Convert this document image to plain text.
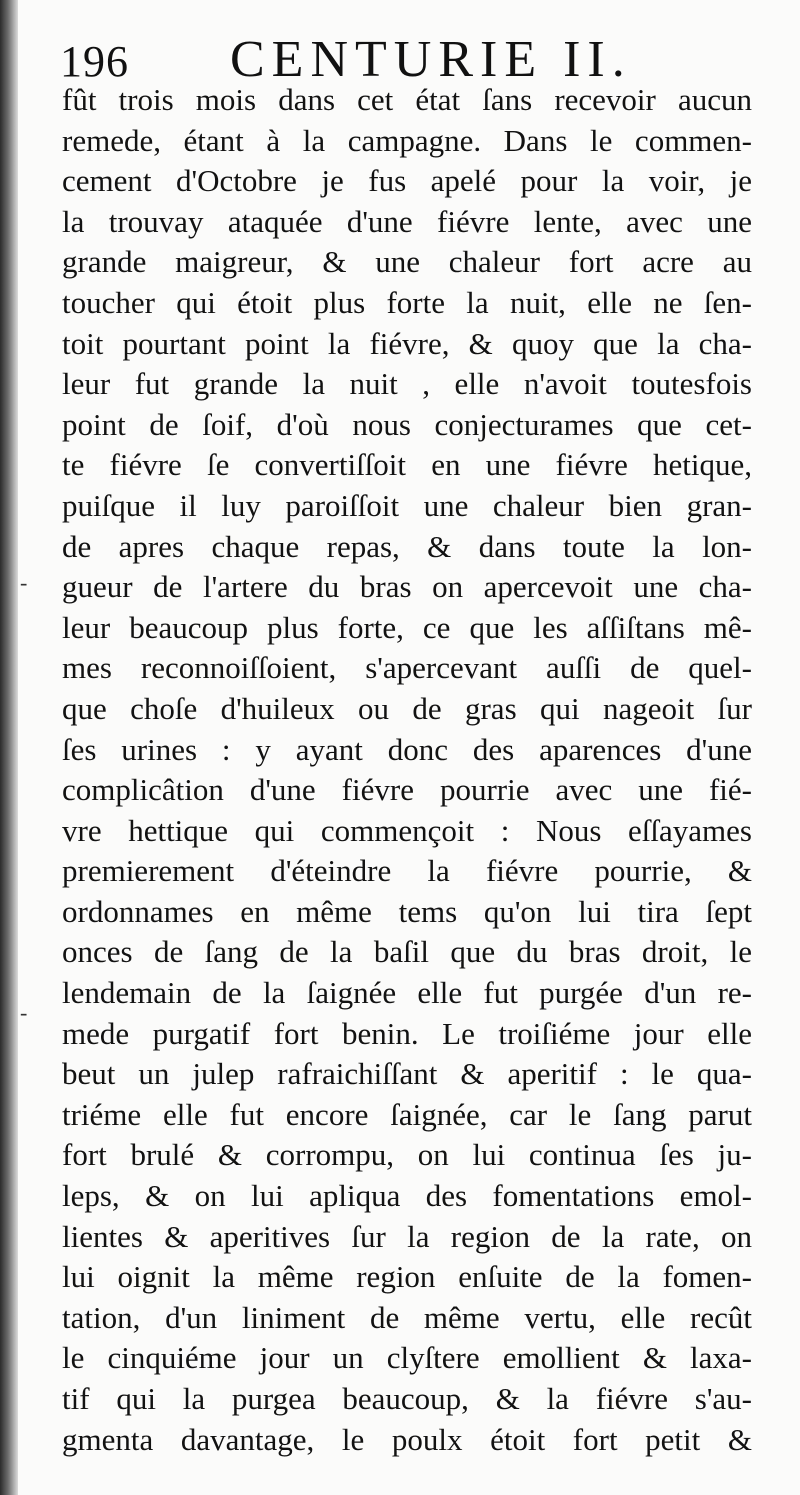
196 CENTURIE II.
-
-
fût trois mois dans cet état ſans recevoir aucun
remede, étant à la campagne. Dans le commen-
cement d'Octobre je fus apelé pour la voir, je
la trouvay ataquée d'une fiévre lente, avec une
grande maigreur, & une chaleur fort acre au
toucher qui étoit plus forte la nuit, elle ne ſen-
toit pourtant point la fiévre, & quoy que la cha-
leur fut grande la nuit , elle n'avoit toutesfois
point de ſoif, d'où nous conjecturames que cet-
te fiévre ſe convertiſſoit en une fiévre hetique,
puiſque il luy paroiſſoit une chaleur bien gran-
de apres chaque repas, & dans toute la lon-
gueur de l'artere du bras on apercevoit une cha-
leur beaucoup plus forte, ce que les aſſiſtans mê-
mes reconnoiſſoient, s'apercevant auſſi de quel-
que choſe d'huileux ou de gras qui nageoit ſur
ſes urines : y ayant donc des aparences d'une
complicâtion d'une fiévre pourrie avec une fié-
vre hettique qui commençoit : Nous eſſayames
premierement d'éteindre la fiévre pourrie, &
ordonnames en même tems qu'on lui tira ſept
onces de ſang de la baſil que du bras droit, le
lendemain de la ſaignée elle fut purgée d'un re-
mede purgatif fort benin. Le troiſiéme jour elle
beut un julep rafraichiſſant & aperitif : le qua-
triéme elle fut encore ſaignée, car le ſang parut
fort brulé & corrompu, on lui continua ſes ju-
leps, & on lui apliqua des fomentations emol-
lientes & aperitives ſur la region de la rate, on
lui oignit la même region enſuite de la fomen-
tation, d'un liniment de même vertu, elle recût
le cinquiéme jour un clyſtere emollient & laxa-
tif qui la purgea beaucoup, & la fiévre s'au-
gmenta davantage, le poulx étoit fort petit &
